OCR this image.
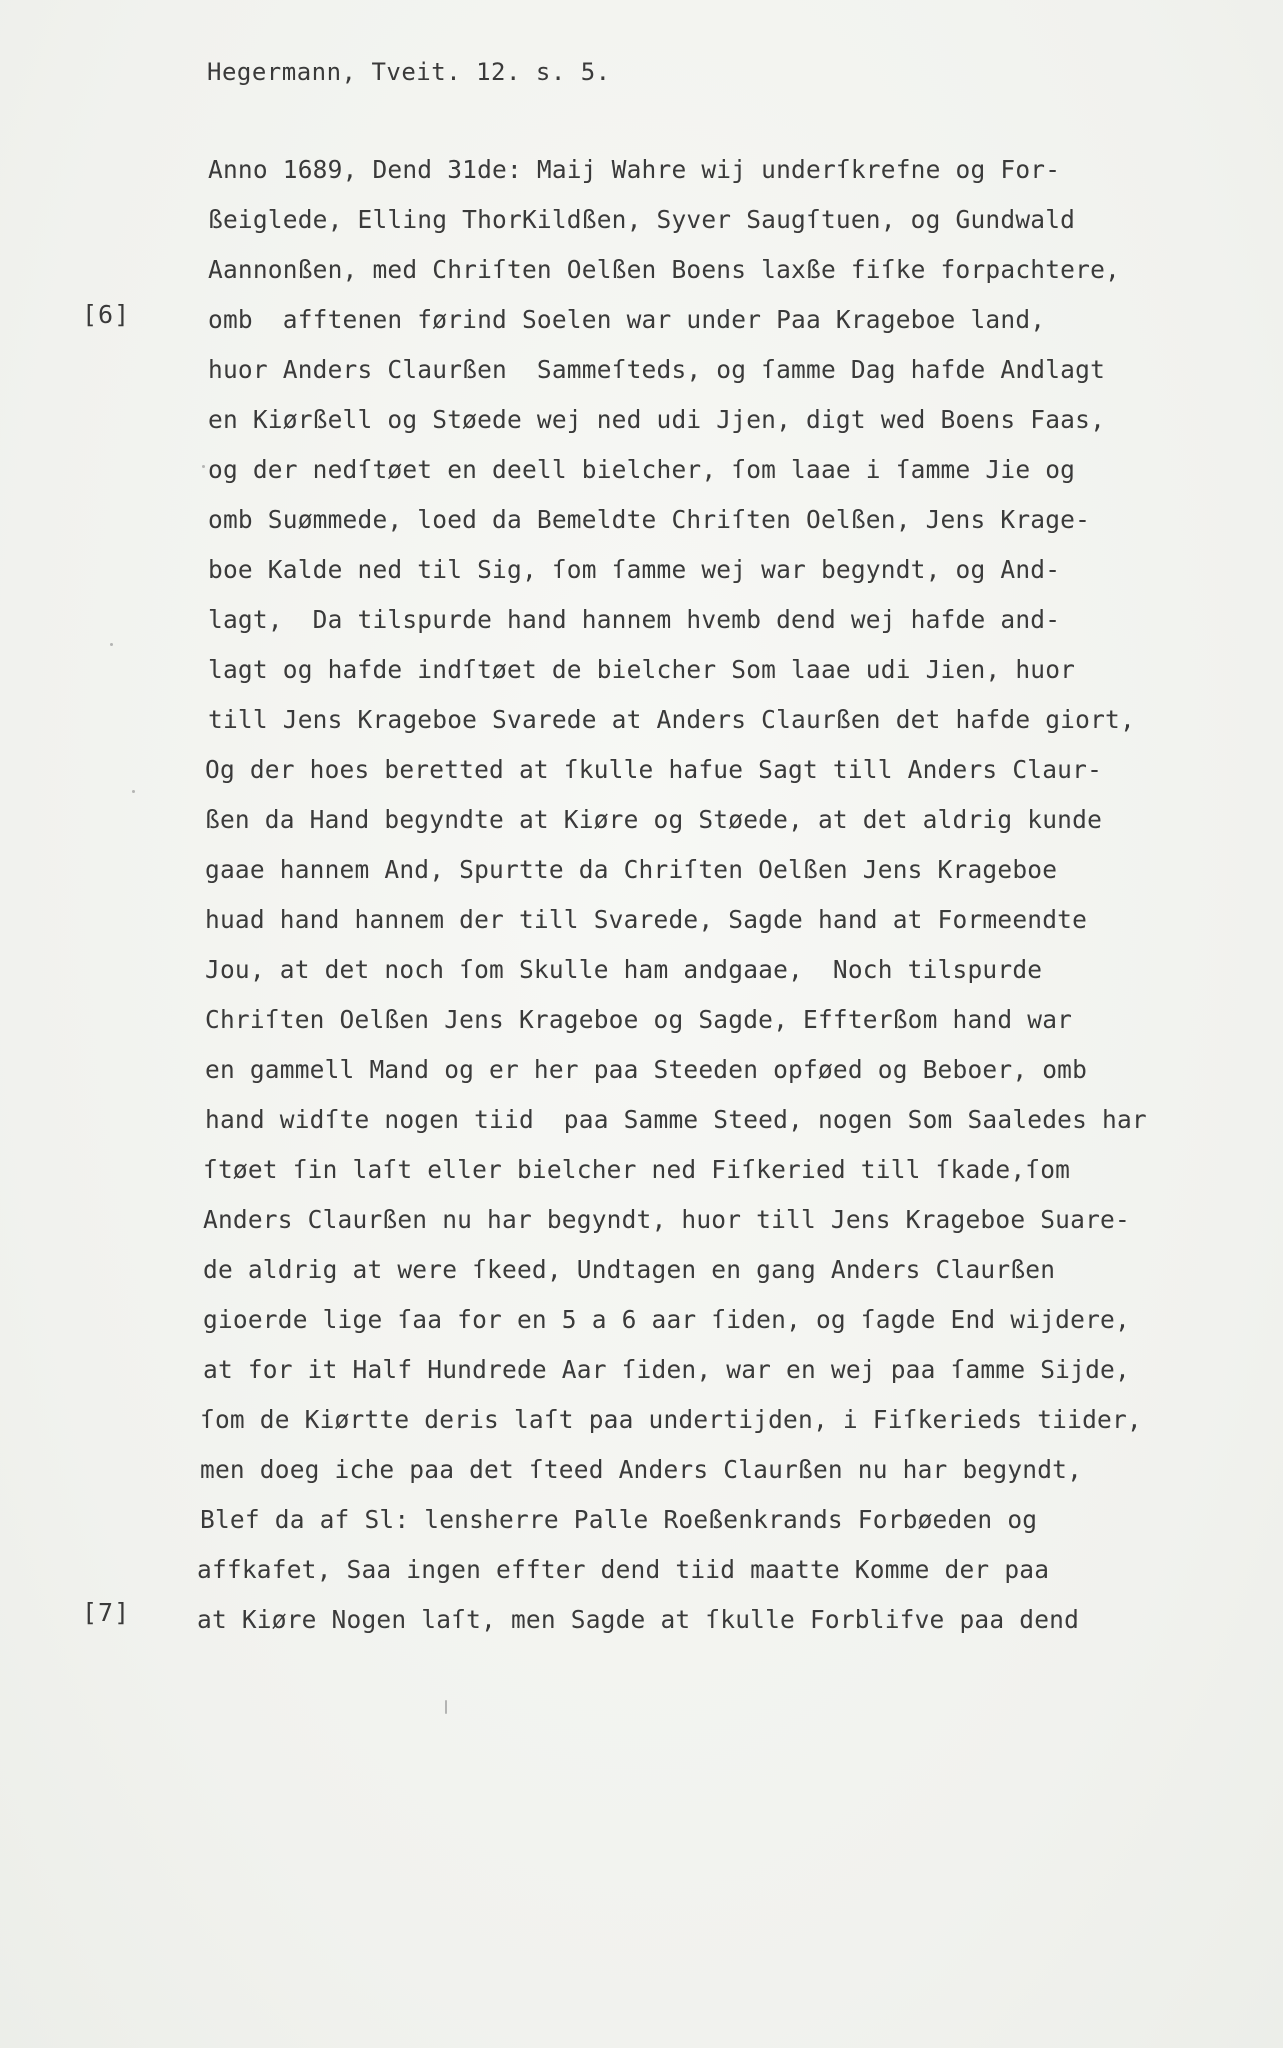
Hegermann, Tveit. 12. s. 5.
[6]
[7]
Anno 1689, Dend 31de: Maij Wahre wij underſkrefne og For-
ßeiglede, Elling ThorKildßen, Syver Saugſtuen, og Gundwald
Aannonßen, med Chriſten Oelßen Boens laxße fiſke forpachtere,
omb  afftenen førind Soelen war under Paa Krageboe land,
huor Anders Claurßen  Sammeſteds, og ſamme Dag hafde Andlagt
en Kiørßell og Støede wej ned udi Jjen, digt wed Boens Faas,
og der nedſtøet en deell bielcher, ſom laae i ſamme Jie og
omb Suømmede, loed da Bemeldte Chriſten Oelßen, Jens Krage-
boe Kalde ned til Sig, ſom ſamme wej war begyndt, og And-
lagt,  Da tilspurde hand hannem hvemb dend wej hafde and-
lagt og hafde indſtøet de bielcher Som laae udi Jien, huor
till Jens Krageboe Svarede at Anders Claurßen det hafde giort,
Og der hoes beretted at ſkulle hafue Sagt till Anders Claur-
ßen da Hand begyndte at Kiøre og Støede, at det aldrig kunde
gaae hannem And, Spurtte da Chriſten Oelßen Jens Krageboe
huad hand hannem der till Svarede, Sagde hand at Formeendte
Jou, at det noch ſom Skulle ham andgaae,  Noch tilspurde
Chriſten Oelßen Jens Krageboe og Sagde, Effterßom hand war
en gammell Mand og er her paa Steeden opføed og Beboer, omb
hand widſte nogen tiid  paa Samme Steed, nogen Som Saaledes har
ſtøet ſin laſt eller bielcher ned Fiſkeried till ſkade,ſom
Anders Claurßen nu har begyndt, huor till Jens Krageboe Suare-
de aldrig at were ſkeed, Undtagen en gang Anders Claurßen
gioerde lige ſaa for en 5 a 6 aar ſiden, og ſagde End wijdere,
at for it Half Hundrede Aar ſiden, war en wej paa ſamme Sijde,
ſom de Kiørtte deris laſt paa undertijden, i Fiſkerieds tiider,
men doeg iche paa det ſteed Anders Claurßen nu har begyndt,
Blef da af Sl: lensherre Palle Roeßenkrands Forbøeden og
affkafet, Saa ingen effter dend tiid maatte Komme der paa
at Kiøre Nogen laſt, men Sagde at ſkulle Forblifve paa dend
